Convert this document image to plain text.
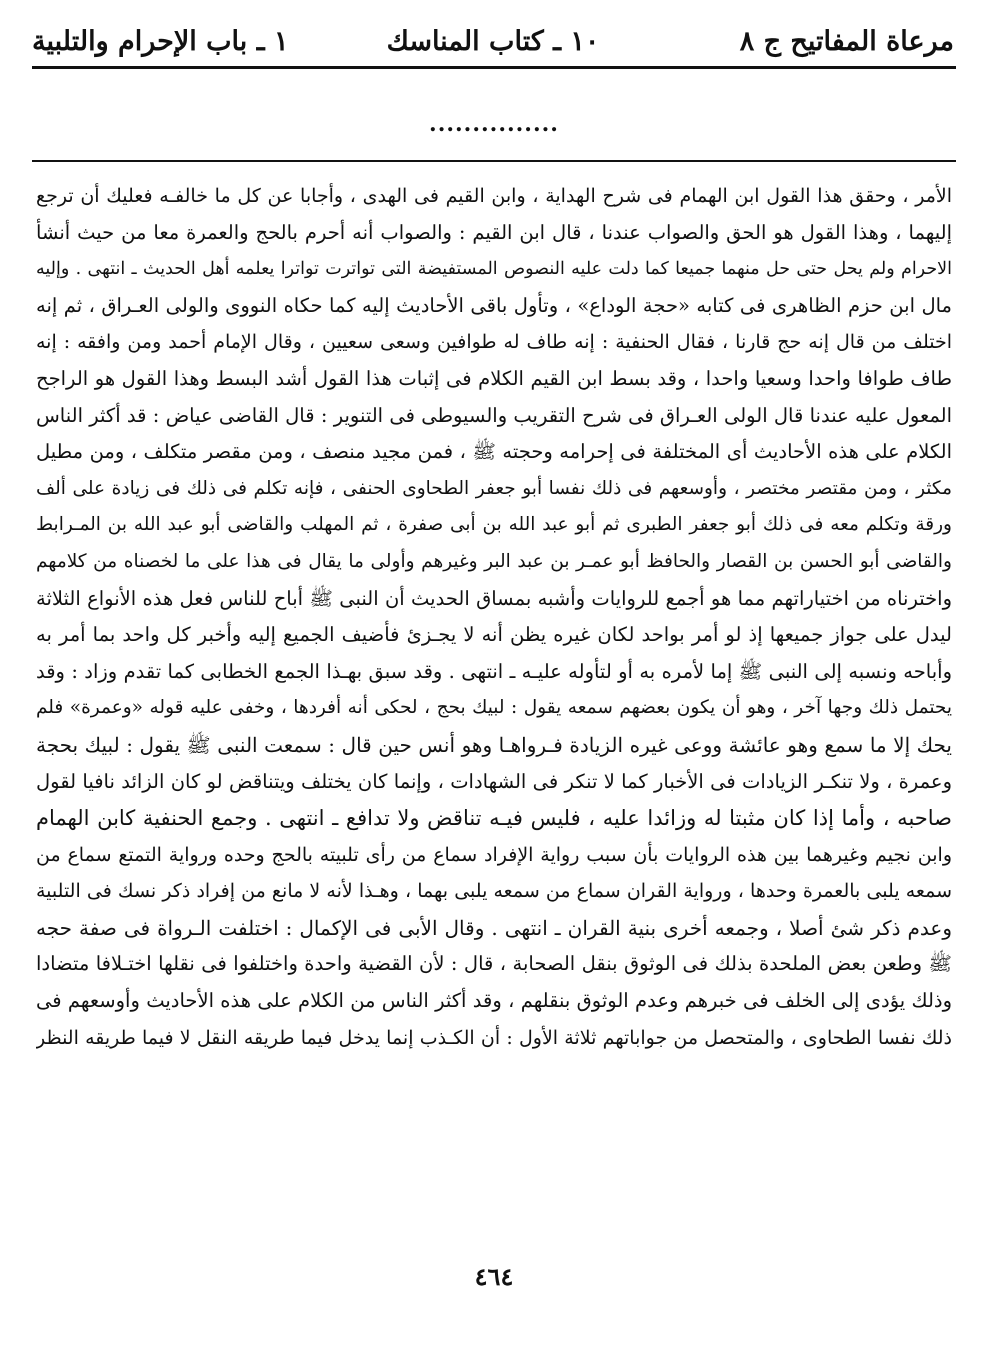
مرعاة المفاتيح ج ٨
١٠ ـ كتاب المناسك
١ ـ باب الإحرام والتلبية
...............
الأمر ، وحقق هذا القول ابن الهمام فى شرح الهداية ، وابن القيم فى الهدى ، وأجابا عن كل ما خالفـه فعليك أن ترجع
إليهما ، وهذا القول هو الحق والصواب عندنا ، قال ابن القيم : والصواب أنه أحرم بالحج والعمرة معا من حيث أنشأ
الاحرام ولم يحل حتى حل منهما جميعا كما دلت عليه النصوص المستفيضة التى تواترت تواترا يعلمه أهل الحديث ـ انتهى . وإليه
مال ابن حزم الظاهرى فى كتابه «حجة الوداع» ، وتأول باقى الأحاديث إليه كما حكاه النووى والولى العـراق ، ثم إنه
اختلف من قال إنه حج قارنا ، فقال الحنفية : إنه طاف له طوافين وسعى سعيين ، وقال الإمام أحمد ومن وافقه : إنه
طاف طوافا واحدا وسعيا واحدا ، وقد بسط ابن القيم الكلام فى إثبات هذا القول أشد البسط وهذا القول هو الراجح
المعول عليه عندنا قال الولى العـراق فى شرح التقريب والسيوطى فى التنوير : قال القاضى عياض : قد أكثر الناس
الكلام على هذه الأحاديث أى المختلفة فى إحرامه وحجته ﷺ ، فمن مجيد منصف ، ومن مقصر متكلف ، ومن مطيل
مكثر ، ومن مقتصر مختصر ، وأوسعهم فى ذلك نفسا أبو جعفر الطحاوى الحنفى ، فإنه تكلم فى ذلك فى زيادة على ألف
ورقة وتكلم معه فى ذلك أبو جعفر الطبرى ثم أبو عبد الله بن أبى صفرة ، ثم المهلب والقاضى أبو عبد الله بن المـرابط
والقاضى أبو الحسن بن القصار والحافظ أبو عمـر بن عبد البر وغيرهم وأولى ما يقال فى هذا على ما لخصناه من كلامهم
واخترناه من اختياراتهم مما هو أجمع للروايات وأشبه بمساق الحديث أن النبى ﷺ أباح للناس فعل هذه الأنواع الثلاثة
ليدل على جواز جميعها إذ لو أمر بواحد لكان غيره يظن أنه لا يجـزئ فأضيف الجميع إليه وأخبر كل واحد بما أمر به
وأباحه ونسبه إلى النبى ﷺ إما لأمره به أو لتأوله عليـه ـ انتهى . وقد سبق بهـذا الجمع الخطابى كما تقدم وزاد : وقد
يحتمل ذلك وجها آخر ، وهو أن يكون بعضهم سمعه يقول : لبيك بحج ، لحكى أنه أفردها ، وخفى عليه قوله «وعمرة» فلم
يحك إلا ما سمع وهو عائشة ووعى غيره الزيادة فـرواهـا وهو أنس حين قال : سمعت النبى ﷺ يقول : لبيك بحجة
وعمرة ، ولا تنكـر الزيادات فى الأخبار كما لا تنكر فى الشهادات ، وإنما كان يختلف ويتناقض لو كان الزائد نافيا لقول
صاحبه ، وأما إذا كان مثبتا له وزائدا عليه ، فليس فيـه تناقض ولا تدافع ـ انتهى . وجمع الحنفية كابن الهمام
وابن نجيم وغيرهما بين هذه الروايات بأن سبب رواية الإفراد سماع من رأى تلبيته بالحج وحده ورواية التمتع سماع من
سمعه يلبى بالعمرة وحدها ، ورواية القران سماع من سمعه يلبى بهما ، وهـذا لأنه لا مانع من إفراد ذكر نسك فى التلبية
وعدم ذكر شئ أصلا ، وجمعه أخرى بنية القران ـ انتهى . وقال الأبى فى الإكمال : اختلفت الـرواة فى صفة حجه
ﷺ وطعن بعض الملحدة بذلك فى الوثوق بنقل الصحابة ، قال : لأن القضية واحدة واختلفوا فى نقلها اختـلافا متضادا
وذلك يؤدى إلى الخلف فى خبرهم وعدم الوثوق بنقلهم ، وقد أكثر الناس من الكلام على هذه الأحاديث وأوسعهم فى
ذلك نفسا الطحاوى ، والمتحصل من جواباتهم ثلاثة الأول : أن الكـذب إنما يدخل فيما طريقه النقل لا فيما طريقه النظر
٤٦٤
